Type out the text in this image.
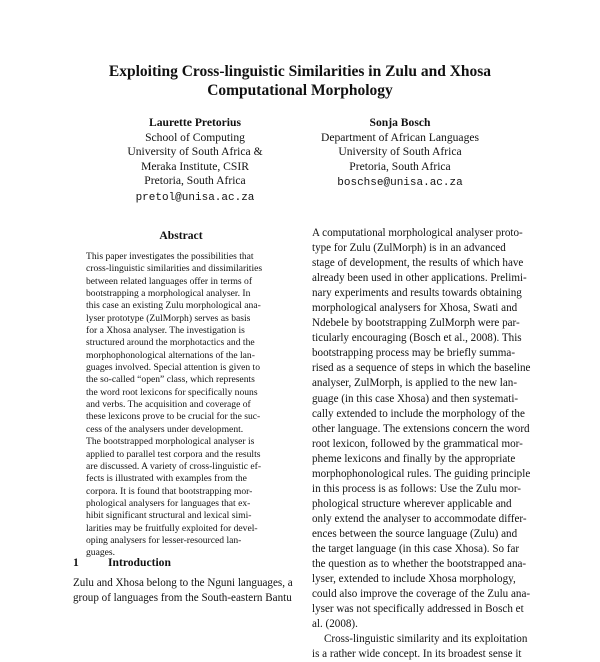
Exploiting Cross-linguistic Similarities in Zulu and Xhosa
Computational Morphology
Laurette Pretorius
School of Computing
University of South Africa &
Meraka Institute, CSIR
Pretoria, South Africa
pretol@unisa.ac.za
Sonja Bosch
Department of African Languages
University of South Africa
Pretoria, South Africa
boschse@unisa.ac.za
Abstract
This paper investigates the possibilities that
cross-linguistic similarities and dissimilarities
between related languages offer in terms of
bootstrapping a morphological analyser. In
this case an existing Zulu morphological ana-
lyser prototype (ZulMorph) serves as basis
for a Xhosa analyser. The investigation is
structured around the morphotactics and the
morphophonological alternations of the lan-
guages involved. Special attention is given to
the so-called “open” class, which represents
the word root lexicons for specifically nouns
and verbs. The acquisition and coverage of
these lexicons prove to be crucial for the suc-
cess of the analysers under development.
The bootstrapped morphological analyser is
applied to parallel test corpora and the results
are discussed. A variety of cross-linguistic ef-
fects is illustrated with examples from the
corpora. It is found that bootstrapping mor-
phological analysers for languages that ex-
hibit significant structural and lexical simi-
larities may be fruitfully exploited for devel-
oping analysers for lesser-resourced lan-
guages.
1	Introduction
Zulu and Xhosa belong to the Nguni languages, a
group of languages from the South-eastern Bantu
A computational morphological analyser proto-
type for Zulu (ZulMorph) is in an advanced
stage of development, the results of which have
already been used in other applications. Prelimi-
nary experiments and results towards obtaining
morphological analysers for Xhosa, Swati and
Ndebele by bootstrapping ZulMorph were par-
ticularly encouraging (Bosch et al., 2008). This
bootstrapping process may be briefly summa-
rised as a sequence of steps in which the baseline
analyser, ZulMorph, is applied to the new lan-
guage (in this case Xhosa) and then systemati-
cally extended to include the morphology of the
other language. The extensions concern the word
root lexicon, followed by the grammatical mor-
pheme lexicons and finally by the appropriate
morphophonological rules. The guiding principle
in this process is as follows: Use the Zulu mor-
phological structure wherever applicable and
only extend the analyser to accommodate differ-
ences between the source language (Zulu) and
the target language (in this case Xhosa). So far
the question as to whether the bootstrapped ana-
lyser, extended to include Xhosa morphology,
could also improve the coverage of the Zulu ana-
lyser was not specifically addressed in Bosch et
al. (2008).
Cross-linguistic similarity and its exploitation
is a rather wide concept. In its broadest sense it
